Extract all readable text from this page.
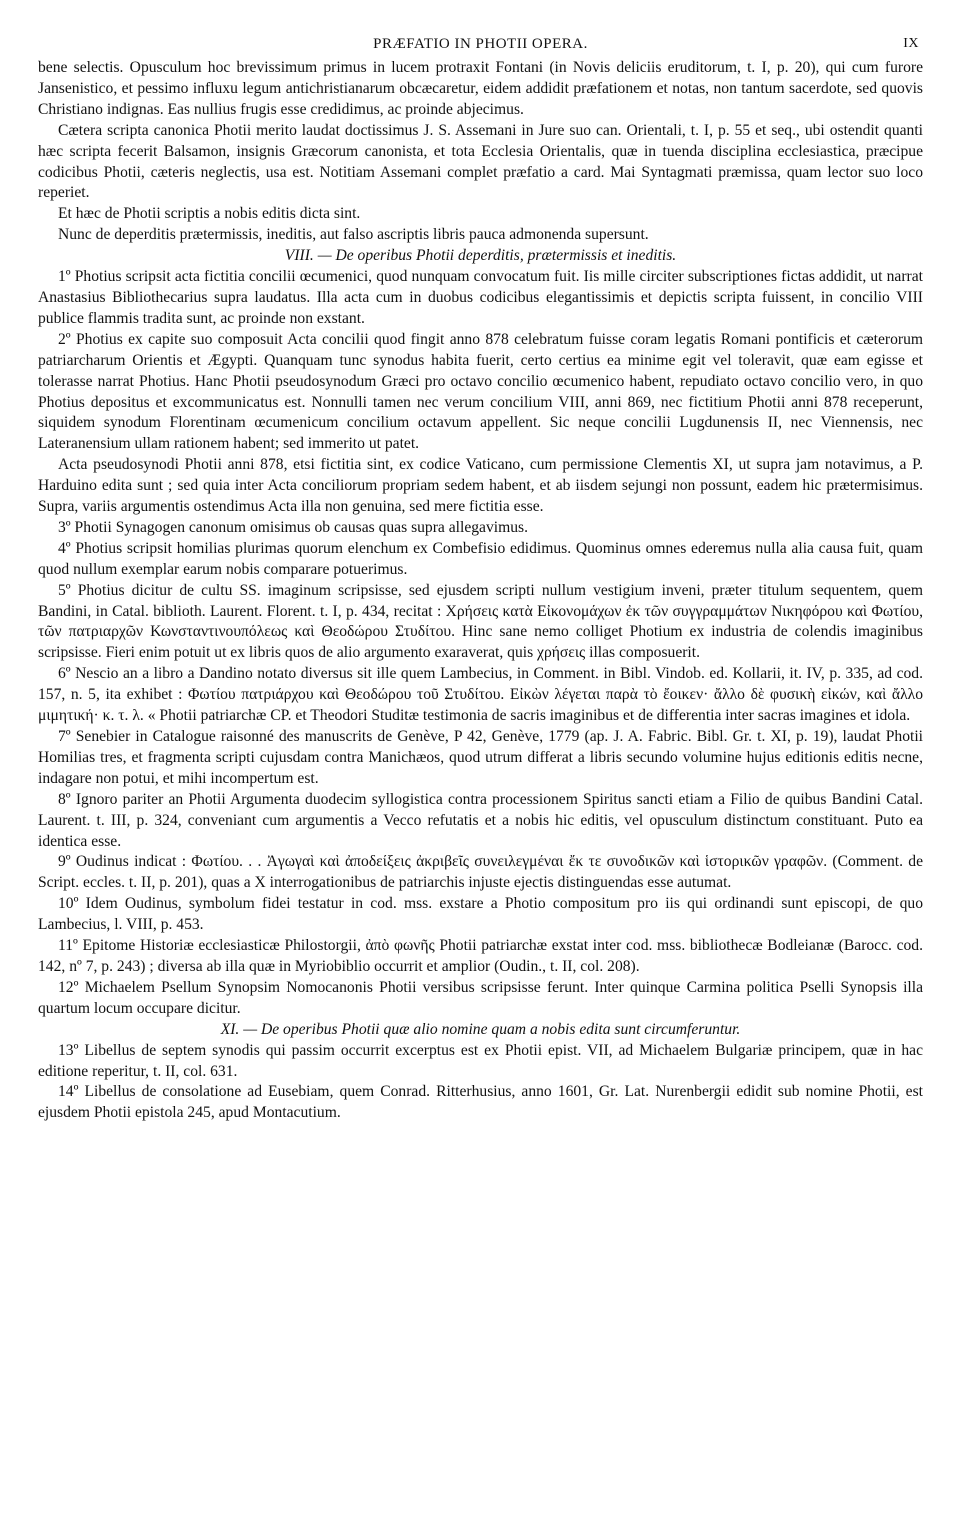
PRÆFATIO IN PHOTII OPERA.	IX

bene selectis. Opusculum hoc brevissimum primus in lucem protraxit Fontani (in Novis deliciis eruditorum, t. I, p. 20), qui cum furore Jansenistico, et pessimo influxu legum antichristianarum obcæcaretur, eidem addidit præfationem et notas, non tantum sacerdote, sed quovis Christiano indignas. Eas nullius frugis esse credidimus, ac proinde abjecimus.

Cætera scripta canonica Photii merito laudat doctissimus J. S. Assemani in Jure suo can. Orientali, t. I, p. 55 et seq., ubi ostendit quanti hæc scripta fecerit Balsamon, insignis Græcorum canonista, et tota Ecclesia Orientalis, quæ in tuenda disciplina ecclesiastica, præcipue codicibus Photii, cæteris neglectis, usa est. Notitiam Assemani complet præfatio a card. Mai Syntagmati præmissa, quam lector suo loco reperiet.

Et hæc de Photii scriptis a nobis editis dicta sint.

Nunc de deperditis prætermissis, ineditis, aut falso ascriptis libris pauca admonenda supersunt.

VIII. — De operibus Photii deperditis, prætermissis et ineditis.

1º Photius scripsit acta fictitia concilii œcumenici, quod nunquam convocatum fuit. Iis mille circiter subscriptiones fictas addidit, ut narrat Anastasius Bibliothecarius supra laudatus. Illa acta cum in duobus codicibus elegantissimis et depictis scripta fuissent, in concilio VIII publice flammis tradita sunt, ac proinde non exstant.

2º Photius ex capite suo composuit Acta concilii quod fingit anno 878 celebratum fuisse coram legatis Romani pontificis et cæterorum patriarcharum Orientis et Ægypti. Quanquam tunc synodus habita fuerit, certo certius ea minime egit vel toleravit, quæ eam egisse et tolerasse narrat Photius. Hanc Photii pseudosynodum Græci pro octavo concilio œcumenico habent, repudiato octavo concilio vero, in quo Photius depositus et excommunicatus est. Nonnulli tamen nec verum concilium VIII, anni 869, nec fictitium Photii anni 878 receperunt, siquidem synodum Florentinam œcumenicum concilium octavum appellent. Sic neque concilii Lugdunensis II, nec Viennensis, nec Lateranensium ullam rationem habent; sed immerito ut patet.

Acta pseudosynodi Photii anni 878, etsi fictitia sint, ex codice Vaticano, cum permissione Clementis XI, ut supra jam notavimus, a P. Harduino edita sunt ; sed quia inter Acta conciliorum propriam sedem habent, et ab iisdem sejungi non possunt, eadem hic prætermisimus. Supra, variis argumentis ostendimus Acta illa non genuina, sed mere fictitia esse.

3º Photii Synagogen canonum omisimus ob causas quas supra allegavimus.

4º Photius scripsit homilias plurimas quorum elenchum ex Combefisio edidimus. Quominus omnes ederemus nulla alia causa fuit, quam quod nullum exemplar earum nobis comparare potuerimus.

5º Photius dicitur de cultu SS. imaginum scripsisse, sed ejusdem scripti nullum vestigium inveni, præter titulum sequentem, quem Bandini, in Catal. biblioth. Laurent. Florent. t. I, p. 434, recitat : Χρήσεις κατὰ Εἰκονομάχων ἐκ τῶν συγγραμμάτων Νικηφόρου καὶ Φωτίου, τῶν πατριαρχῶν Κωνσταντινουπόλεως καὶ Θεοδώρου Στυδίτου. Hinc sane nemo colliget Photium ex industria de colendis imaginibus scripsisse. Fieri enim potuit ut ex libris quos de alio argumento exaraverat, quis χρήσεις illas composuerit.

6º Nescio an a libro a Dandino notato diversus sit ille quem Lambecius, in Comment. in Bibl. Vindob. ed. Kollarii, it. IV, p. 335, ad cod. 157, n. 5, ita exhibet : Φωτίου πατριάρχου καὶ Θεοδώρου τοῦ Στυδίτου. Εἰκὼν λέγεται παρὰ τὸ ἔοικεν· ἄλλο δὲ φυσικὴ εἰκών, καὶ ἄλλο μιμητική· κ. τ. λ. « Photii patriarchæ CP. et Theodori Studitæ testimonia de sacris imaginibus et de differentia inter sacras imagines et idola.

7º Senebier in Catalogue raisonné des manuscrits de Genève, P 42, Genève, 1779 (ap. J. A. Fabric. Bibl. Gr. t. XI, p. 19), laudat Photii Homilias tres, et fragmenta scripti cujusdam contra Manichæos, quod utrum differat a libris secundo volumine hujus editionis editis necne, indagare non potui, et mihi incompertum est.

8º Ignoro pariter an Photii Argumenta duodecim syllogistica contra processionem Spiritus sancti etiam a Filio de quibus Bandini Catal. Laurent. t. III, p. 324, conveniant cum argumentis a Vecco refutatis et a nobis hic editis, vel opusculum distinctum constituant. Puto ea identica esse.

9º Oudinus indicat : Φωτίου. . . Ἀγωγαὶ καὶ ἀποδείξεις ἀκριβεῖς συνειλεγμέναι ἔκ τε συνοδικῶν καὶ ἱστορικῶν γραφῶν. (Comment. de Script. eccles. t. II, p. 201), quas a X interrogationibus de patriarchis injuste ejectis distinguendas esse autumat.

10º Idem Oudinus, symbolum fidei testatur in cod. mss. exstare a Photio compositum pro iis qui ordinandi sunt episcopi, de quo Lambecius, l. VIII, p. 453.

11º Epitome Historiæ ecclesiasticæ Philostorgii, ἀπὸ φωνῆς Photii patriarchæ exstat inter cod. mss. bibliothecæ Bodleianæ (Barocc. cod. 142, nº 7, p. 243) ; diversa ab illa quæ in Myriobiblio occurrit et amplior (Oudin., t. II, col. 208).

12º Michaelem Psellum Synopsim Nomocanonis Photii versibus scripsisse ferunt. Inter quinque Carmina politica Pselli Synopsis illa quartum locum occupare dicitur.

XI. — De operibus Photii quæ alio nomine quam a nobis edita sunt circumferuntur.

13º Libellus de septem synodis qui passim occurrit excerptus est ex Photii epist. VII, ad Michaelem Bulgariæ principem, quæ in hac editione reperitur, t. II, col. 631.

14º Libellus de consolatione ad Eusebiam, quem Conrad. Ritterhusius, anno 1601, Gr. Lat. Nurenbergii edidit sub nomine Photii, est ejusdem Photii epistola 245, apud Montacutium.
